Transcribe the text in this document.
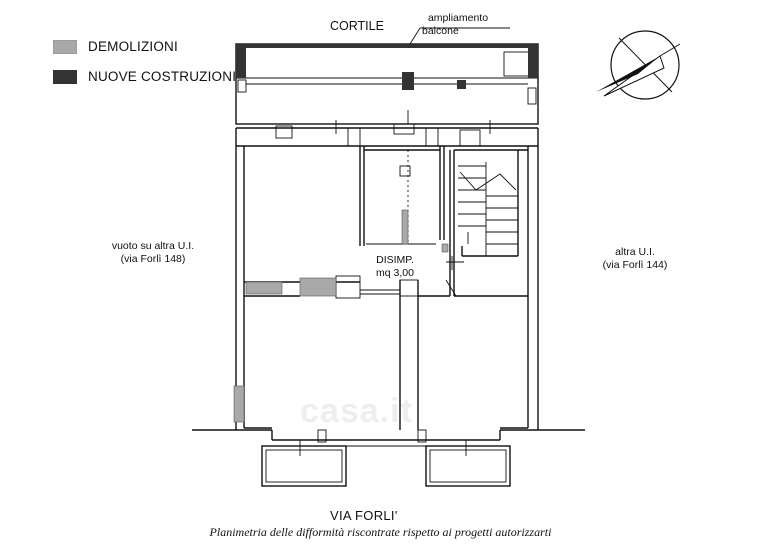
DEMOLIZIONI
NUOVE COSTRUZIONI
CORTILE
ampliamento
balcone
vuoto su altra U.I.
(via Forlì 148)
altra U.I.
(via Forlì 144)
DISIMP.
mq 3,00
casa.it
VIA FORLI'
Planimetria delle difformità riscontrate rispetto ai progetti autorizzarti
